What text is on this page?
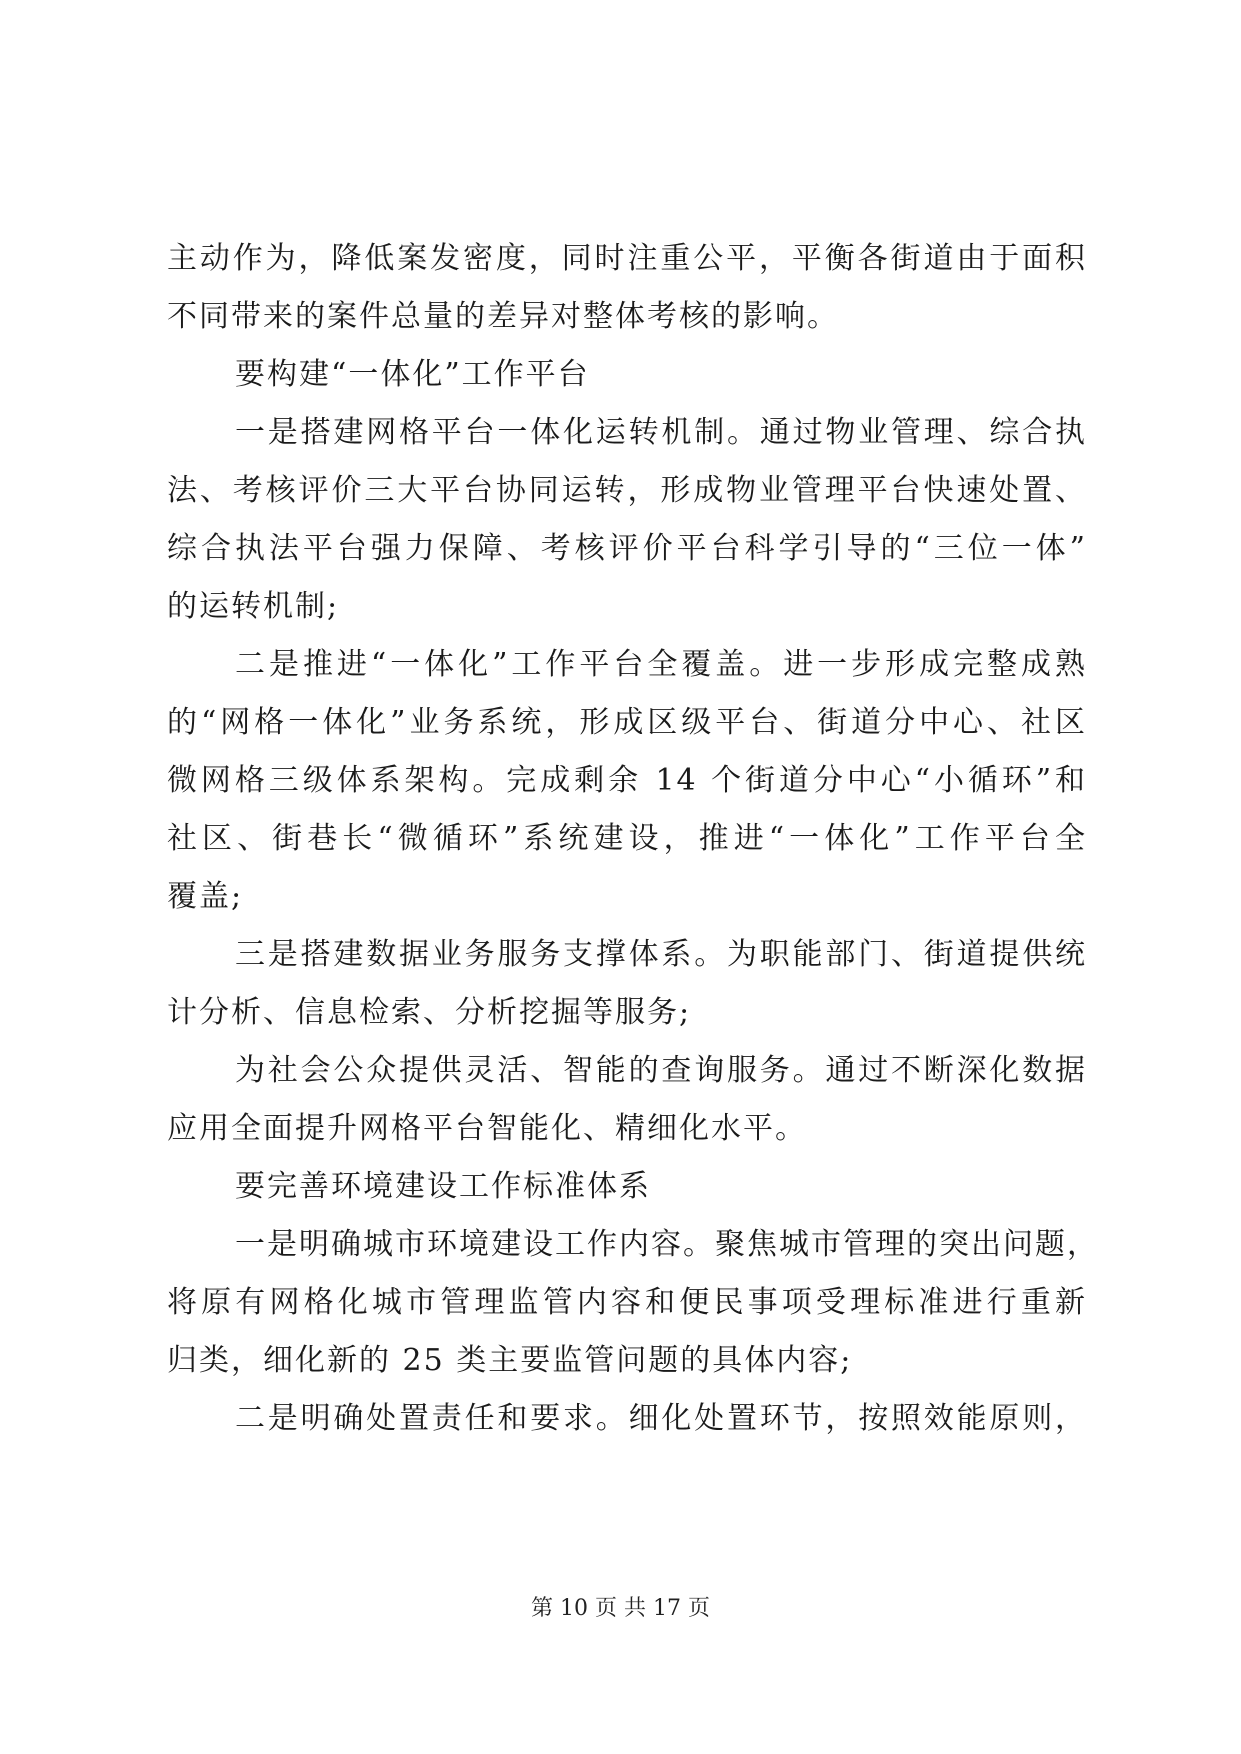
主动作为，降低案发密度，同时注重公平，平衡各街道由于面积
不同带来的案件总量的差异对整体考核的影响。
要构建“一体化”工作平台
一是搭建网格平台一体化运转机制。通过物业管理、综合执
法、考核评价三大平台协同运转，形成物业管理平台快速处置、
综合执法平台强力保障、考核评价平台科学引导的“三位一体”
的运转机制;
二是推进“一体化”工作平台全覆盖。进一步形成完整成熟
的“网格一体化”业务系统，形成区级平台、街道分中心、社区
微网格三级体系架构。完成剩余 14 个街道分中心“小循环”和
社区、街巷长“微循环”系统建设，推进“一体化”工作平台全
覆盖;
三是搭建数据业务服务支撑体系。为职能部门、街道提供统
计分析、信息检索、分析挖掘等服务;
为社会公众提供灵活、智能的查询服务。通过不断深化数据
应用全面提升网格平台智能化、精细化水平。
要完善环境建设工作标准体系
一是明确城市环境建设工作内容。聚焦城市管理的突出问题，
将原有网格化城市管理监管内容和便民事项受理标准进行重新
归类，细化新的 25 类主要监管问题的具体内容;
二是明确处置责任和要求。细化处置环节，按照效能原则，
第 10 页 共 17 页
